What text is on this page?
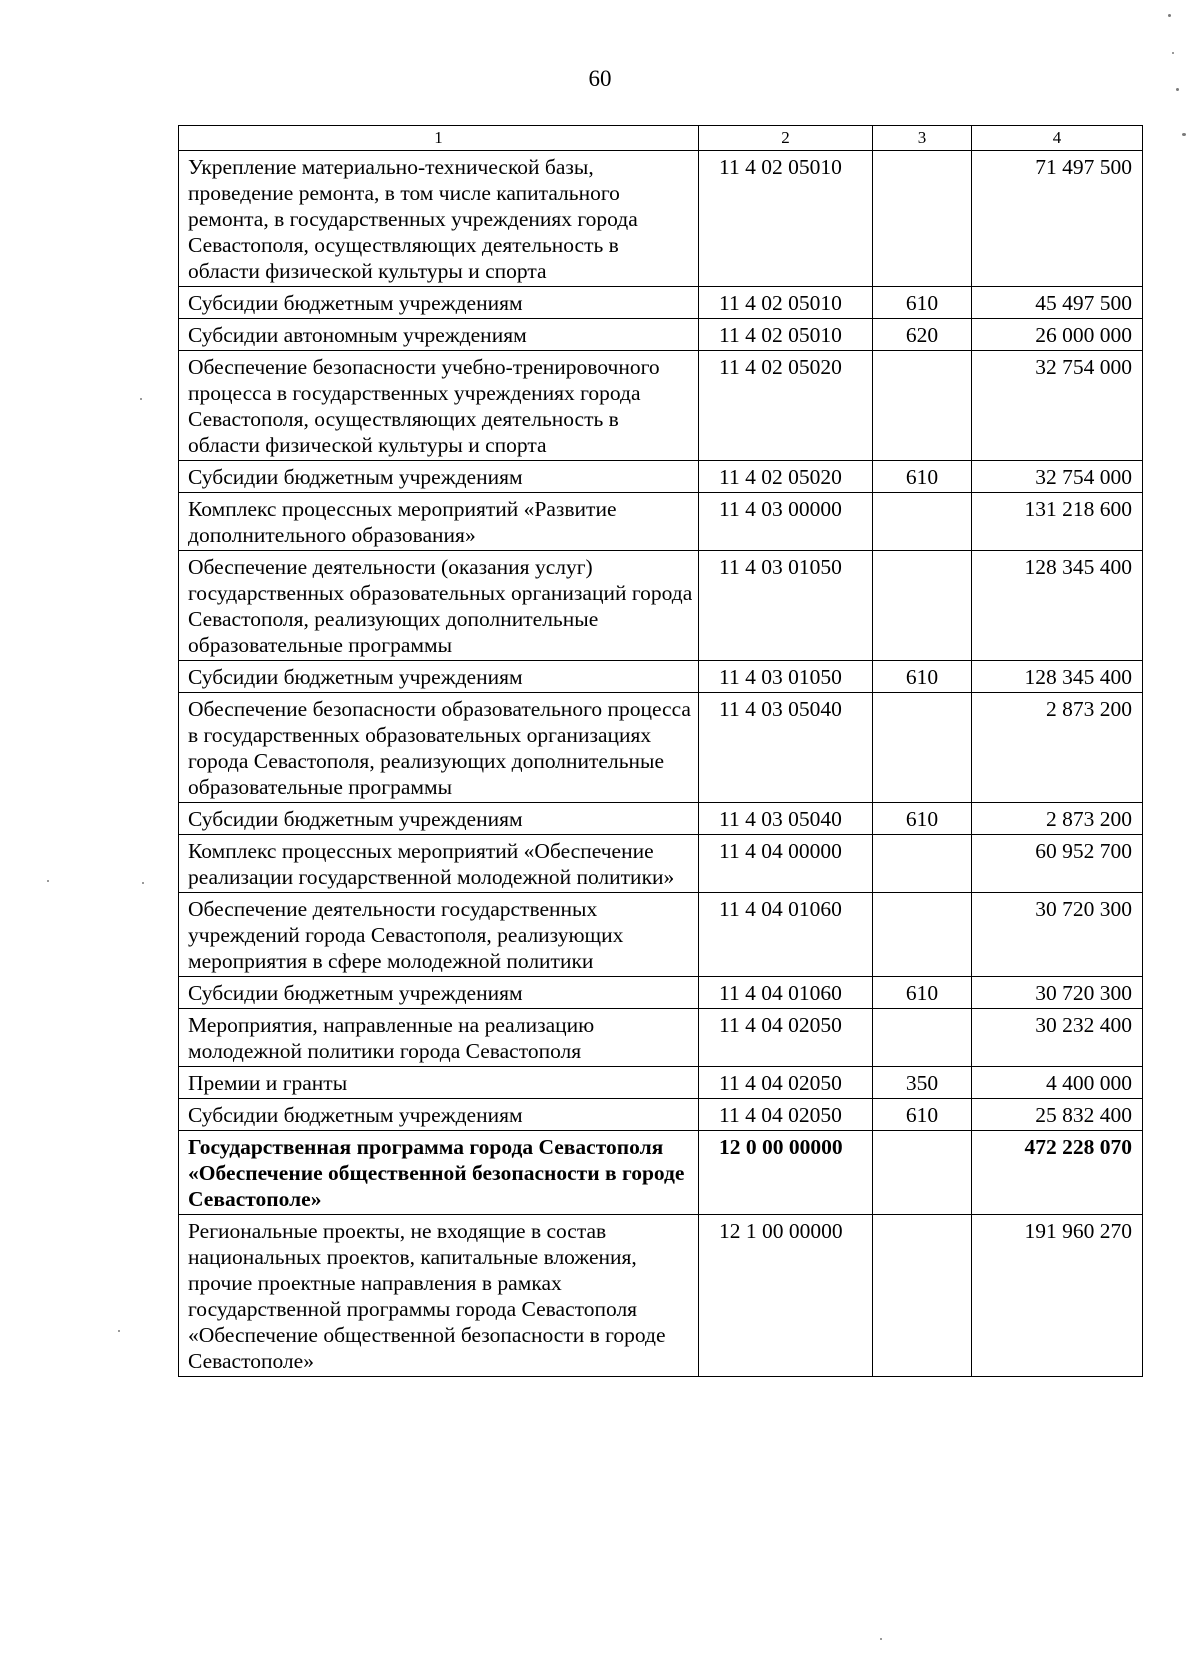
60
1	2	3	4
Укрепление материально-технической базы, проведение ремонта, в том числе капитального ремонта, в государственных учреждениях города Севастополя, осуществляющих деятельность в области физической культуры и спорта	11 4 02 05010		71 497 500
Субсидии бюджетным учреждениям	11 4 02 05010	610	45 497 500
Субсидии автономным учреждениям	11 4 02 05010	620	26 000 000
Обеспечение безопасности учебно-тренировочного процесса в государственных учреждениях города Севастополя, осуществляющих деятельность в области физической культуры и спорта	11 4 02 05020		32 754 000
Субсидии бюджетным учреждениям	11 4 02 05020	610	32 754 000
Комплекс процессных мероприятий «Развитие дополнительного образования»	11 4 03 00000		131 218 600
Обеспечение деятельности (оказания услуг) государственных образовательных организаций города Севастополя, реализующих дополнительные образовательные программы	11 4 03 01050		128 345 400
Субсидии бюджетным учреждениям	11 4 03 01050	610	128 345 400
Обеспечение безопасности образовательного процесса в государственных образовательных организациях города Севастополя, реализующих дополнительные образовательные программы	11 4 03 05040		2 873 200
Субсидии бюджетным учреждениям	11 4 03 05040	610	2 873 200
Комплекс процессных мероприятий «Обеспечение реализации государственной молодежной политики»	11 4 04 00000		60 952 700
Обеспечение деятельности государственных учреждений города Севастополя, реализующих мероприятия в сфере молодежной политики	11 4 04 01060		30 720 300
Субсидии бюджетным учреждениям	11 4 04 01060	610	30 720 300
Мероприятия, направленные на реализацию молодежной политики города Севастополя	11 4 04 02050		30 232 400
Премии и гранты	11 4 04 02050	350	4 400 000
Субсидии бюджетным учреждениям	11 4 04 02050	610	25 832 400
Государственная программа города Севастополя «Обеспечение общественной безопасности в городе Севастополе»	12 0 00 00000		472 228 070
Региональные проекты, не входящие в состав национальных проектов, капитальные вложения, прочие проектные направления в рамках государственной программы города Севастополя «Обеспечение общественной безопасности в городе Севастополе»	12 1 00 00000		191 960 270
